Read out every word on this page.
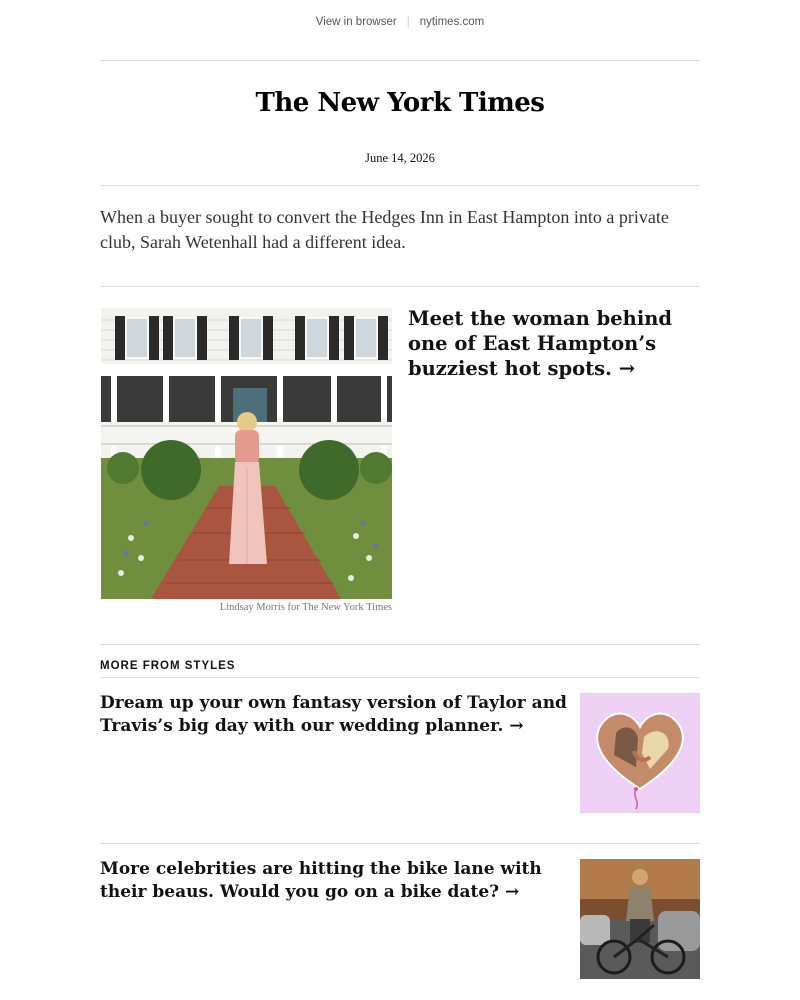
View in browser | nytimes.com
The New York Times
June 14, 2026
When a buyer sought to convert the Hedges Inn in East Hampton into a private club, Sarah Wetenhall had a different idea.
Lindsay Morris for The New York Times
Meet the woman behind one of East Hampton’s buzziest hot spots. →
MORE FROM STYLES
Dream up your own fantasy version of Taylor and Travis’s big day with our wedding planner. →
More celebrities are hitting the bike lane with their beaus. Would you go on a bike date? →
